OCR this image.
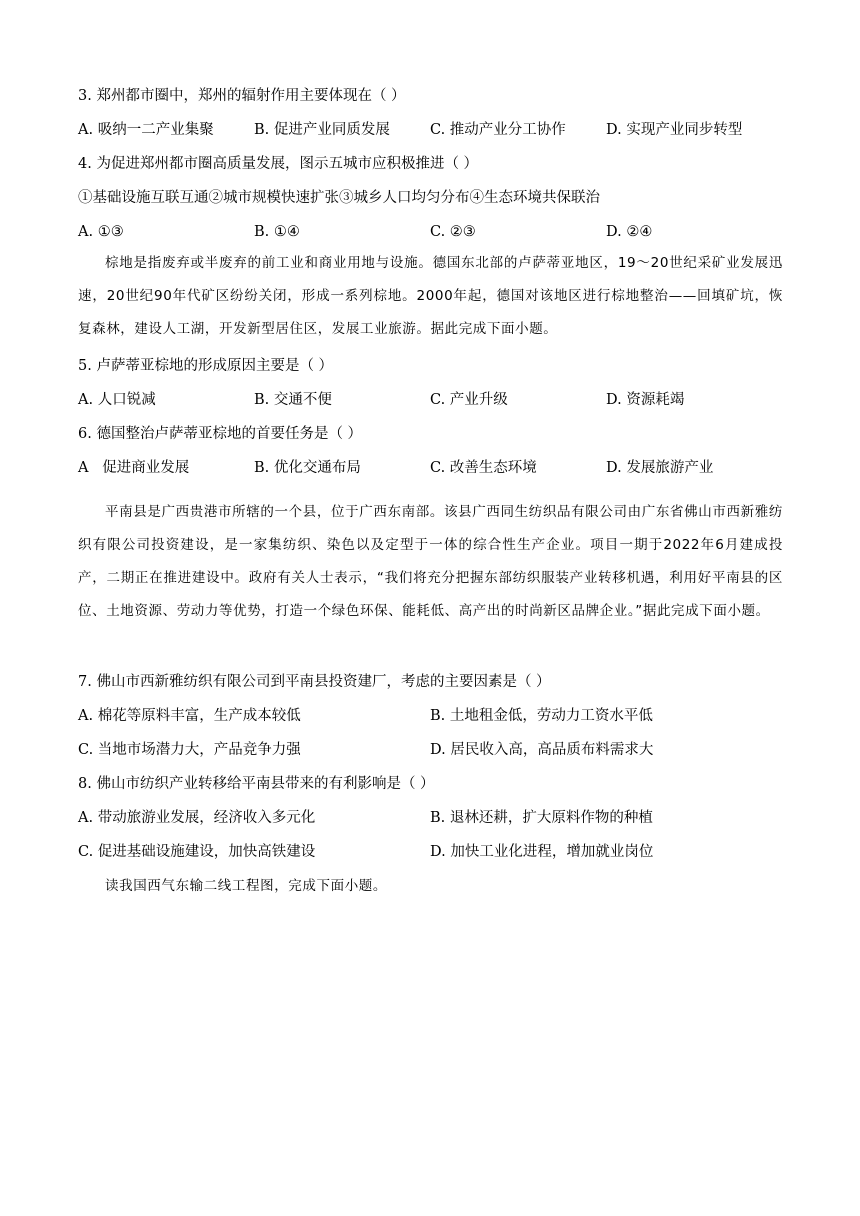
3. 郑州都市圈中，郑州的辐射作用主要体现在（ ）
A. 吸纳一二产业集聚	B. 促进产业同质发展	C. 推动产业分工协作	D. 实现产业同步转型
4. 为促进郑州都市圈高质量发展，图示五城市应积极推进（ ）
①基础设施互联互通②城市规模快速扩张③城乡人口均匀分布④生态环境共保联治
A. ①③	B. ①④	C. ②③	D. ②④
棕地是指废弃或半废弃的前工业和商业用地与设施。德国东北部的卢萨蒂亚地区，19～20世纪采矿业发展迅速，20世纪90年代矿区纷纷关闭，形成一系列棕地。2000年起，德国对该地区进行棕地整治——回填矿坑，恢复森林，建设人工湖，开发新型居住区，发展工业旅游。据此完成下面小题。
5. 卢萨蒂亚棕地的形成原因主要是（ ）
A. 人口锐减	B. 交通不便	C. 产业升级	D. 资源耗竭
6. 德国整治卢萨蒂亚棕地的首要任务是（ ）
A   促进商业发展	B. 优化交通布局	C. 改善生态环境	D. 发展旅游产业
平南县是广西贵港市所辖的一个县，位于广西东南部。该县广西同生纺织品有限公司由广东省佛山市西新雅纺织有限公司投资建设，是一家集纺织、染色以及定型于一体的综合性生产企业。项目一期于2022年6月建成投产，二期正在推进建设中。政府有关人士表示，“我们将充分把握东部纺织服装产业转移机遇，利用好平南县的区位、土地资源、劳动力等优势，打造一个绿色环保、能耗低、高产出的时尚新区品牌企业。”据此完成下面小题。
7. 佛山市西新雅纺织有限公司到平南县投资建厂，考虑的主要因素是（ ）
A. 棉花等原料丰富，生产成本较低	B. 土地租金低，劳动力工资水平低
C. 当地市场潜力大，产品竞争力强	D. 居民收入高，高品质布料需求大
8. 佛山市纺织产业转移给平南县带来的有利影响是（ ）
A. 带动旅游业发展，经济收入多元化	B. 退林还耕，扩大原料作物的种植
C. 促进基础设施建设，加快高铁建设	D. 加快工业化进程，增加就业岗位
读我国西气东输二线工程图，完成下面小题。
